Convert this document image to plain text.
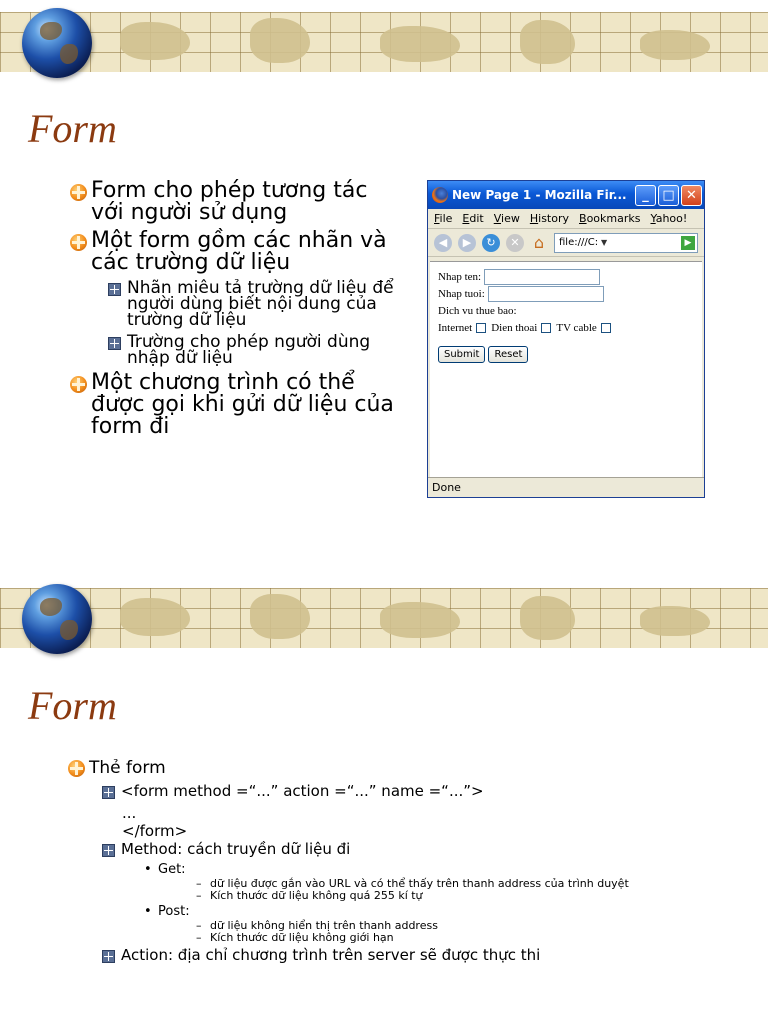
Form
Form cho phép tương tác với người sử dụng
Một form gồm các nhãn và các trường dữ liệu
Nhãn miêu tả trường dữ liệu để người dùng biết nội dung của trường dữ liệu
Trường cho phép người dùng nhập dữ liệu
Một chương trình có thể được gọi khi gửi dữ liệu của form đi
New Page 1 - Mozilla Fir...	_	□ ✕
File Edit View History Bookmarks Yahoo!
◀	▶	↻	✕ ⌂	file:///C: ▼	▶
Nhap ten:
Nhap tuoi:
Dich vu thue bao:
Internet Dien thoai TV cable
Submit	Reset
Done
Form
Thẻ form
<form method =“...” action =“...” name =“...”>
...
</form>
Method: cách truyền dữ liệu đi
• Get:
– dữ liệu được gắn vào URL và có thể thấy trên thanh address của trình duyệt
– Kích thước dữ liệu không quá 255 kí tự
• Post:
– dữ liệu không hiển thị trên thanh address
– Kích thước dữ liệu không giới hạn
Action: địa chỉ chương trình trên server sẽ được thực thi
